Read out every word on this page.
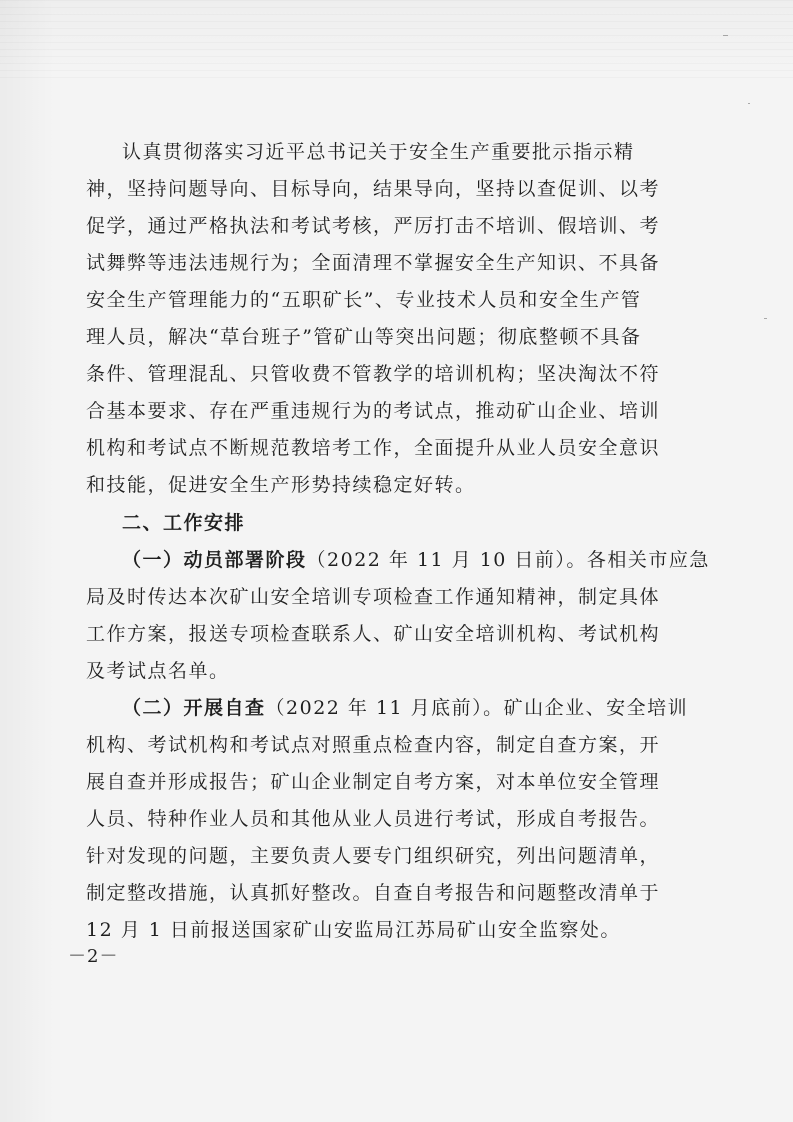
认真贯彻落实习近平总书记关于安全生产重要批示指示精
神，坚持问题导向、目标导向，结果导向，坚持以查促训、以考
促学，通过严格执法和考试考核，严厉打击不培训、假培训、考
试舞弊等违法违规行为；全面清理不掌握安全生产知识、不具备
安全生产管理能力的“五职矿长”、专业技术人员和安全生产管
理人员，解决“草台班子”管矿山等突出问题；彻底整顿不具备
条件、管理混乱、只管收费不管教学的培训机构；坚决淘汰不符
合基本要求、存在严重违规行为的考试点，推动矿山企业、培训
机构和考试点不断规范教培考工作，全面提升从业人员安全意识
和技能，促进安全生产形势持续稳定好转。
二、工作安排
（一）动员部署阶段（2022 年 11 月 10 日前）。各相关市应急
局及时传达本次矿山安全培训专项检查工作通知精神，制定具体
工作方案，报送专项检查联系人、矿山安全培训机构、考试机构
及考试点名单。
（二）开展自查（2022 年 11 月底前）。矿山企业、安全培训
机构、考试机构和考试点对照重点检查内容，制定自查方案，开
展自查并形成报告；矿山企业制定自考方案，对本单位安全管理
人员、特种作业人员和其他从业人员进行考试，形成自考报告。
针对发现的问题，主要负责人要专门组织研究，列出问题清单，
制定整改措施，认真抓好整改。自查自考报告和问题整改清单于
12 月 1 日前报送国家矿山安监局江苏局矿山安全监察处。
－2－
